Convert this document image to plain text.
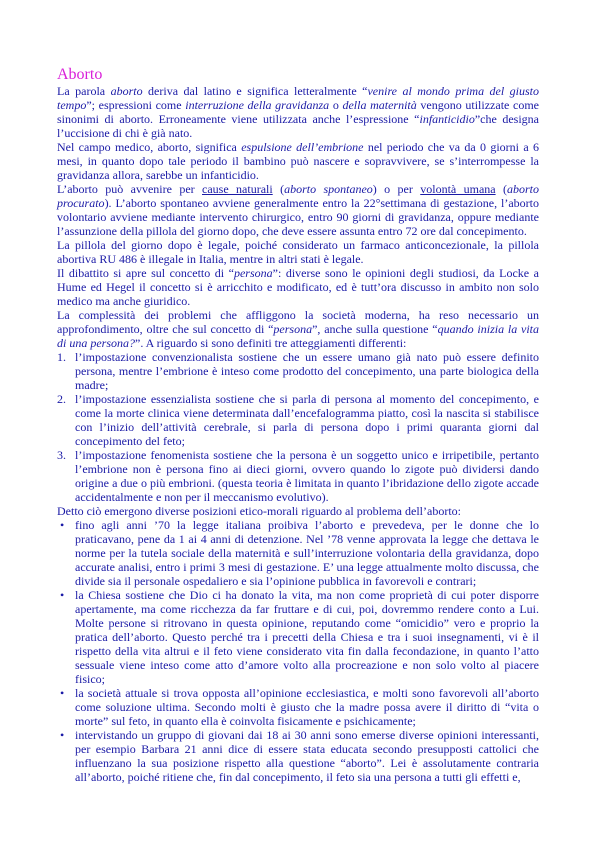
Aborto

La parola aborto deriva dal latino e significa letteralmente “venire al mondo prima del giusto tempo”; espressioni come interruzione della gravidanza o della maternità vengono utilizzate come sinonimi di aborto. Erroneamente viene utilizzata anche l’espressione “infanticidio”che designa l’uccisione di chi è già nato.

Nel campo medico, aborto, significa espulsione dell’embrione nel periodo che va da 0 giorni a 6 mesi, in quanto dopo tale periodo il bambino può nascere e sopravvivere, se s’interrompesse la gravidanza allora, sarebbe un infanticidio.

L’aborto può avvenire per cause naturali (aborto spontaneo) o per volontà umana (aborto procurato). L’aborto spontaneo avviene generalmente entro la 22°settimana di gestazione, l’aborto volontario avviene mediante intervento chirurgico, entro 90 giorni di gravidanza, oppure mediante l’assunzione della pillola del giorno dopo, che deve essere assunta entro 72 ore dal concepimento.

La pillola del giorno dopo è legale, poiché considerato un farmaco anticoncezionale, la pillola abortiva RU 486 è illegale in Italia, mentre in altri stati è legale.

Il dibattito si apre sul concetto di “persona”: diverse sono le opinioni degli studiosi, da Locke a Hume ed Hegel il concetto si è arricchito e modificato, ed è tutt’ora discusso in ambito non solo medico ma anche giuridico.

La complessità dei problemi che affliggono la società moderna, ha reso necessario un approfondimento, oltre che sul concetto di “persona”, anche sulla questione “quando inizia la vita di una persona?”. A riguardo si sono definiti tre atteggiamenti differenti:

1. l’impostazione convenzionalista sostiene che un essere umano già nato può essere definito persona, mentre l’embrione è inteso come prodotto del concepimento, una parte biologica della madre;
2. l’impostazione essenzialista sostiene che si parla di persona al momento del concepimento, e come la morte clinica viene determinata dall’encefalogramma piatto, così la nascita si stabilisce con l’inizio dell’attività cerebrale, si parla di persona dopo i primi quaranta giorni dal concepimento del feto;
3. l’impostazione fenomenista sostiene che la persona è un soggetto unico e irripetibile, pertanto l’embrione non è persona fino ai dieci giorni, ovvero quando lo zigote può dividersi dando origine a due o più embrioni. (questa teoria è limitata in quanto l’ibridazione dello zigote accade accidentalmente e non per il meccanismo evolutivo).

Detto ciò emergono diverse posizioni etico-morali riguardo al problema dell’aborto:

• fino agli anni ’70 la legge italiana proibiva l’aborto e prevedeva, per le donne che lo praticavano, pene da 1 ai 4 anni di detenzione. Nel ’78 venne approvata la legge che dettava le norme per la tutela sociale della maternità e sull’interruzione volontaria della gravidanza, dopo accurate analisi, entro i primi 3 mesi di gestazione. E’ una legge attualmente molto discussa, che divide sia il personale ospedaliero e sia l’opinione pubblica in favorevoli e contrari;
• la Chiesa sostiene che Dio ci ha donato la vita, ma non come proprietà di cui poter disporre apertamente, ma come ricchezza da far fruttare e di cui, poi, dovremmo rendere conto a Lui. Molte persone si ritrovano in questa opinione, reputando come “omicidio” vero e proprio la pratica dell’aborto. Questo perché tra i precetti della Chiesa e tra i suoi insegnamenti, vi è il rispetto della vita altrui e il feto viene considerato vita fin dalla fecondazione, in quanto l’atto sessuale viene inteso come atto d’amore volto alla procreazione e non solo volto al piacere fisico;
• la società attuale si trova opposta all’opinione ecclesiastica, e molti sono favorevoli all’aborto come soluzione ultima. Secondo molti è giusto che la madre possa avere il diritto di “vita o morte” sul feto, in quanto ella è coinvolta fisicamente e psichicamente;
• intervistando un gruppo di giovani dai 18 ai 30 anni sono emerse diverse opinioni interessanti, per esempio Barbara 21 anni dice di essere stata educata secondo presupposti cattolici che influenzano la sua posizione rispetto alla questione “aborto”. Lei è assolutamente contraria all’aborto, poiché ritiene che, fin dal concepimento, il feto sia una persona a tutti gli effetti e,
